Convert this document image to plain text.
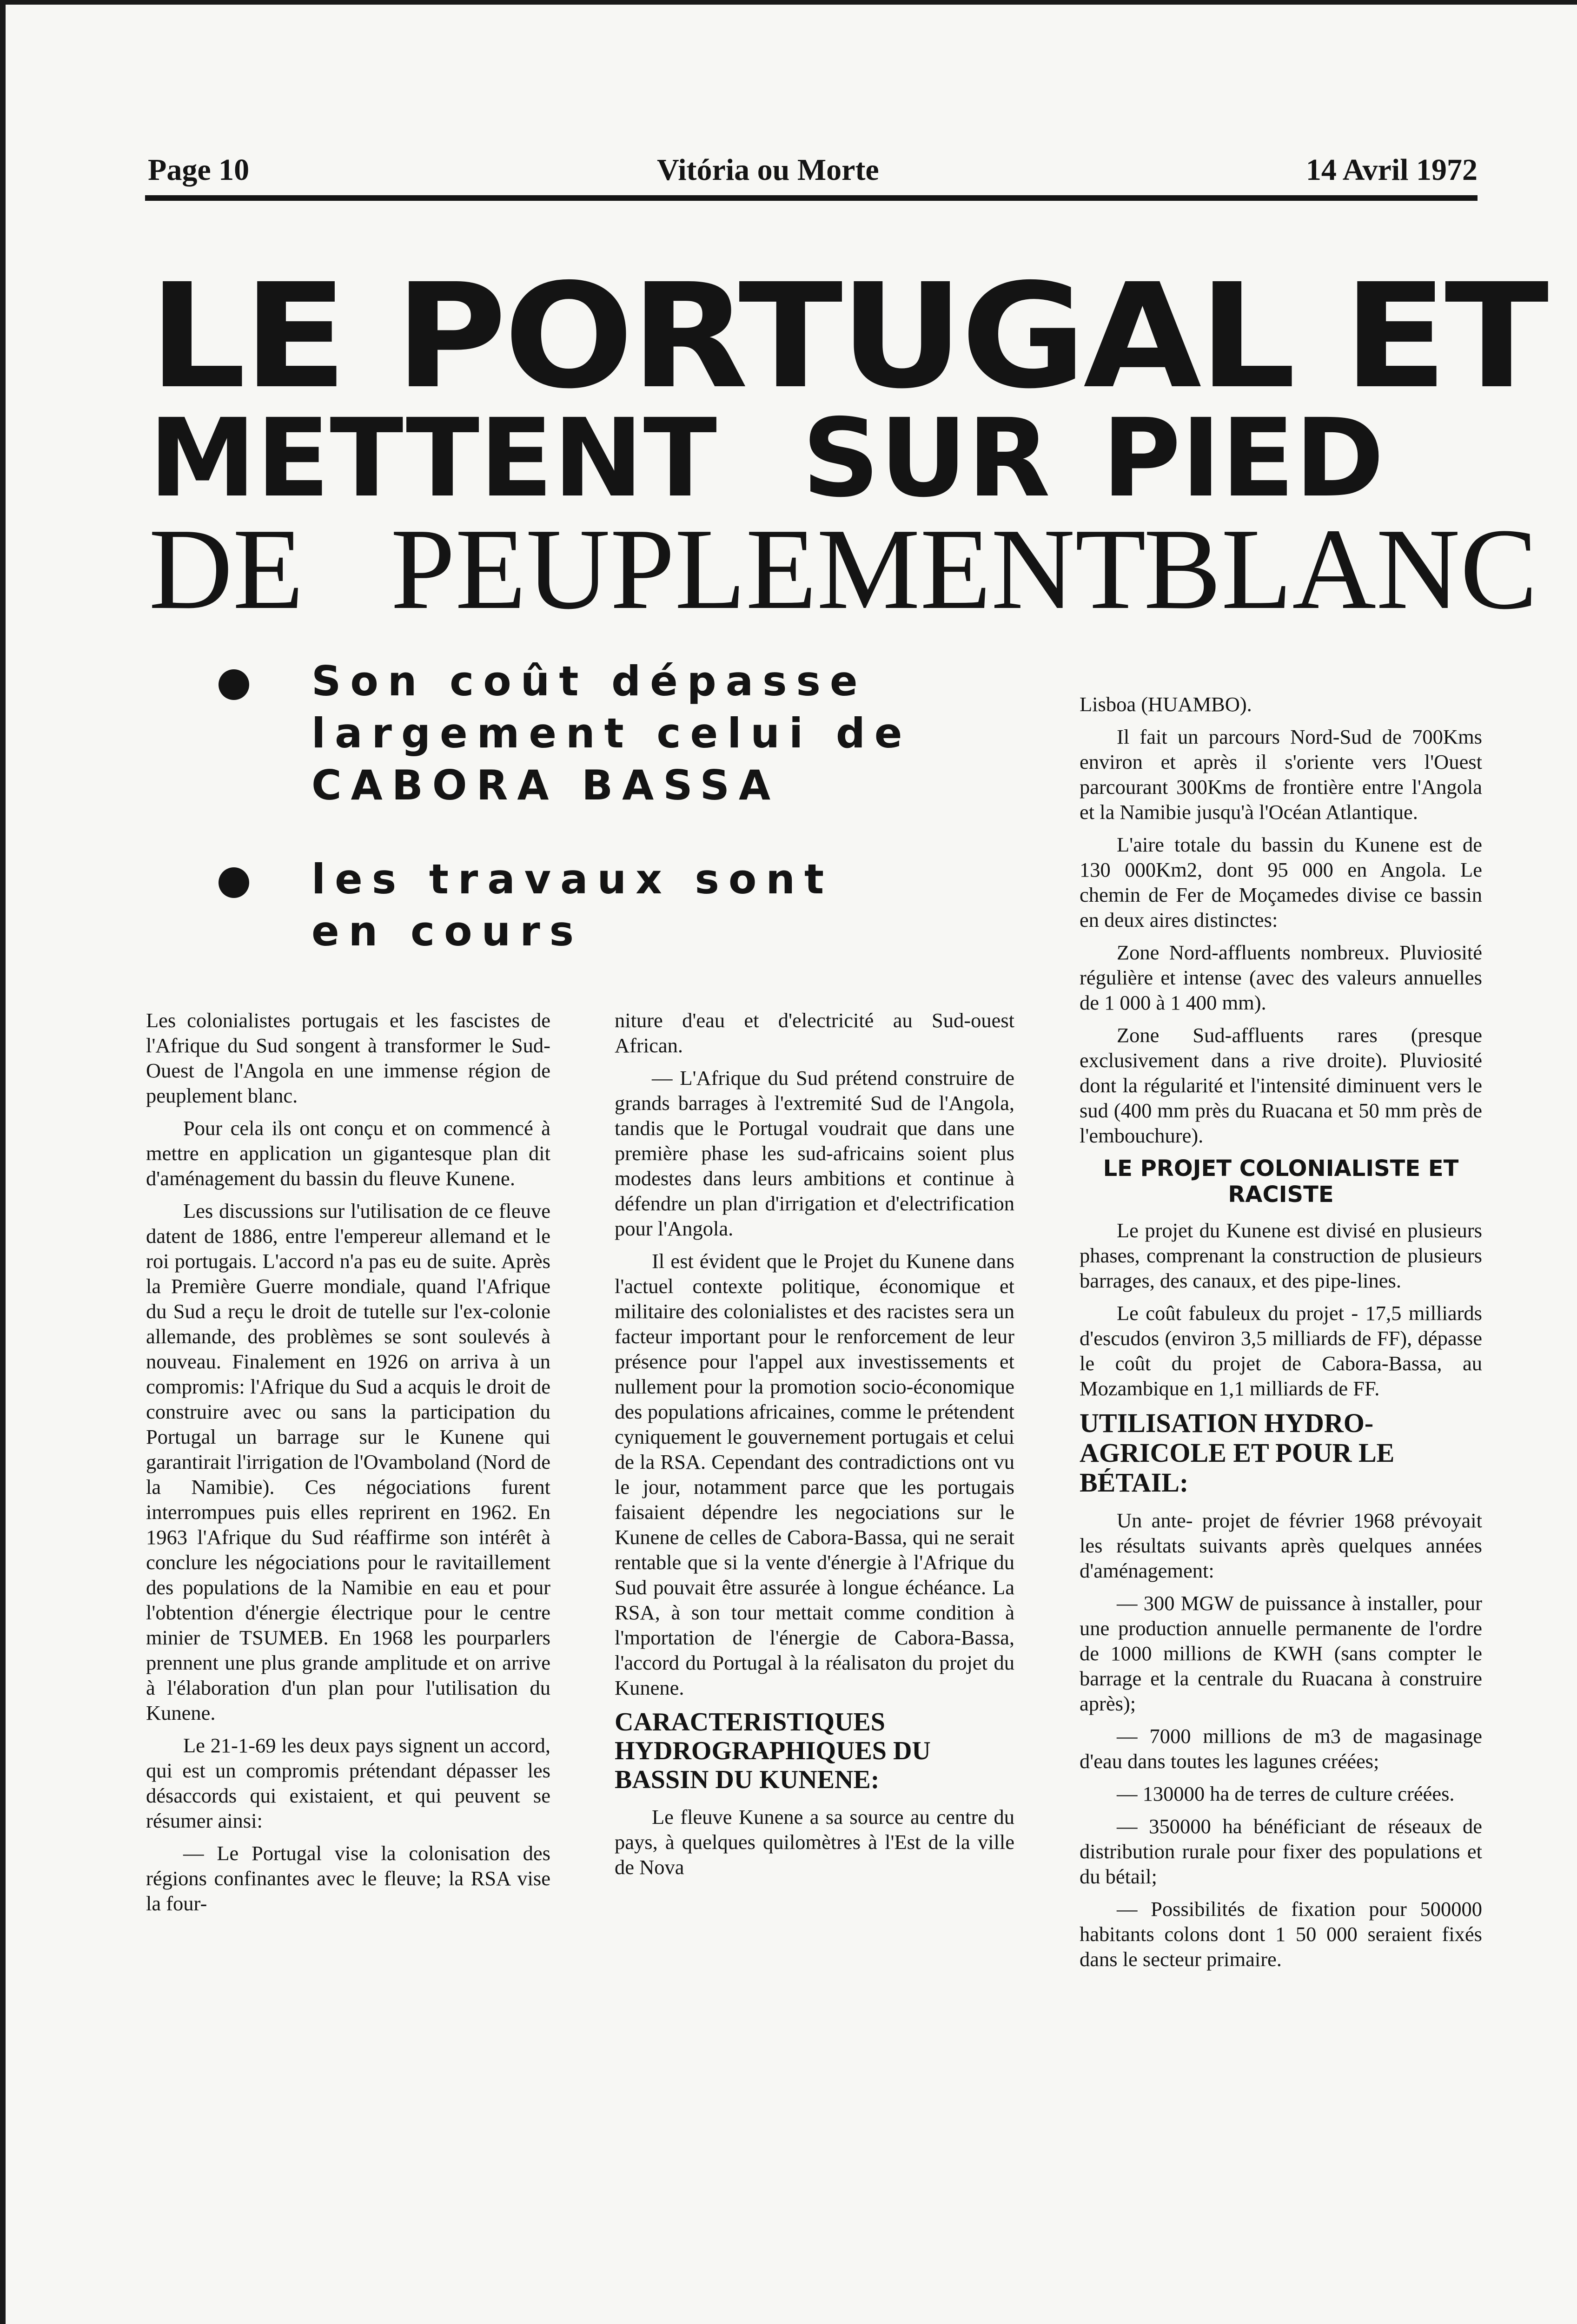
Page 10	Vitória ou Morte	14 Avril 1972
LE PORTUGAL ET
METTENT SUR PIED
DE PEUPLEMENT
BLANC
Son coût dépasse largement celui de CABORA BASSA
les travaux sont en cours

Les colonialistes portugais et les fascistes de l'Afrique du Sud songent à transformer le Sud-Ouest de l'Angola en une immense région de peuplement blanc.

Pour cela ils ont conçu et on commencé à mettre en application un gigantesque plan dit d'aménagement du bassin du fleuve Kunene.

Les discussions sur l'utilisation de ce fleuve datent de 1886, entre l'empereur allemand et le roi portugais. L'accord n'a pas eu de suite. Après la Première Guerre mondiale, quand l'Afrique du Sud a reçu le droit de tutelle sur l'ex-colonie allemande, des problèmes se sont soulevés à nouveau. Finalement en 1926 on arriva à un compromis: l'Afrique du Sud a acquis le droit de construire avec ou sans la participation du Portugal un barrage sur le Kunene qui garantirait l'irrigation de l'Ovamboland (Nord de la Namibie). Ces négociations furent interrompues puis elles reprirent en 1962. En 1963 l'Afrique du Sud réaffirme son intérêt à conclure les négociations pour le ravitaillement des populations de la Namibie en eau et pour l'obtention d'énergie électrique pour le centre minier de TSUMEB. En 1968 les pourparlers prennent une plus grande amplitude et on arrive à l'élaboration d'un plan pour l'utilisation du Kunene.

Le 21-1-69 les deux pays signent un accord, qui est un compromis prétendant dépasser les désaccords qui existaient, et qui peuvent se résumer ainsi:

— Le Portugal vise la colonisation des régions confinantes avec le fleuve; la RSA vise la four-

niture d'eau et d'electricité au Sud-ouest African.

— L'Afrique du Sud prétend construire de grands barrages à l'extremité Sud de l'Angola, tandis que le Portugal voudrait que dans une première phase les sud-africains soient plus modestes dans leurs ambitions et continue à défendre un plan d'irrigation et d'electrification pour l'Angola.

Il est évident que le Projet du Kunene dans l'actuel contexte politique, économique et militaire des colonialistes et des racistes sera un facteur important pour le renforcement de leur présence pour l'appel aux investissements et nullement pour la promotion socio-économique des populations africaines, comme le prétendent cyniquement le gouvernement portugais et celui de la RSA. Cependant des contradictions ont vu le jour, notamment parce que les portugais faisaient dépendre les negociations sur le Kunene de celles de Cabora-Bassa, qui ne serait rentable que si la vente d'énergie à l'Afrique du Sud pouvait être assurée à longue échéance. La RSA, à son tour mettait comme condition à l'mportation de l'énergie de Cabora-Bassa, l'accord du Portugal à la réalisaton du projet du Kunene.

CARACTERISTIQUES HYDROGRAPHIQUES DU BASSIN DU KUNENE:

Le fleuve Kunene a sa source au centre du pays, à quelques quilomètres à l'Est de la ville de Nova

Lisboa (HUAMBO).

Il fait un parcours Nord-Sud de 700Kms environ et après il s'oriente vers l'Ouest parcourant 300Kms de frontière entre l'Angola et la Namibie jusqu'à l'Océan Atlantique.

L'aire totale du bassin du Kunene est de 130 000Km2, dont 95 000 en Angola. Le chemin de Fer de Moçamedes divise ce bassin en deux aires distinctes:

Zone Nord-affluents nombreux. Pluviosité régulière et intense (avec des valeurs annuelles de 1 000 à 1 400 mm).

Zone Sud-affluents rares (presque exclusivement dans a rive droite). Pluviosité dont la régularité et l'intensité diminuent vers le sud (400 mm près du Ruacana et 50 mm près de l'embouchure).

LE PROJET COLONIALISTE ET RACISTE

Le projet du Kunene est divisé en plusieurs phases, comprenant la construction de plusieurs barrages, des canaux, et des pipe-lines.

Le coût fabuleux du projet - 17,5 milliards d'escudos (environ 3,5 milliards de FF), dépasse le coût du projet de Cabora-Bassa, au Mozambique en 1,1 milliards de FF.

UTILISATION HYDRO-AGRICOLE ET POUR LE BÉTAIL:

Un ante- projet de février 1968 prévoyait les résultats suivants après quelques années d'aménagement:

— 300 MGW de puissance à installer, pour une production annuelle permanente de l'ordre de 1000 millions de KWH (sans compter le barrage et la centrale du Ruacana à construire après);

— 7000 millions de m3 de magasinage d'eau dans toutes les lagunes créées;

— 130000 ha de terres de culture créées.

— 350000 ha bénéficiant de réseaux de distribution rurale pour fixer des populations et du bétail;

— Possibilités de fixation pour 500000 habitants colons dont 1 50 000 seraient fixés dans le secteur primaire.
